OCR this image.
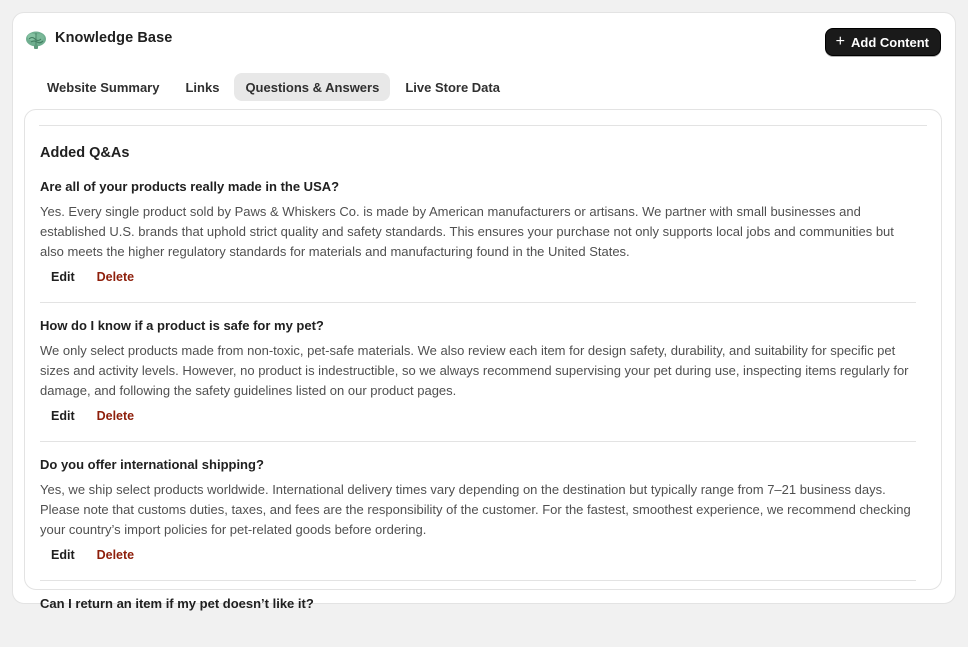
Knowledge Base	+ Add Content
Website Summary	Links	Questions & Answers	Live Store Data
Added Q&As
Are all of your products really made in the USA?
Yes. Every single product sold by Paws & Whiskers Co. is made by American manufacturers or artisans. We partner with small businesses and established U.S. brands that uphold strict quality and safety standards. This ensures your purchase not only supports local jobs and communities but also meets the higher regulatory standards for materials and manufacturing found in the United States.
Edit	Delete
How do I know if a product is safe for my pet?
We only select products made from non-toxic, pet-safe materials. We also review each item for design safety, durability, and suitability for specific pet sizes and activity levels. However, no product is indestructible, so we always recommend supervising your pet during use, inspecting items regularly for damage, and following the safety guidelines listed on our product pages.
Edit	Delete
Do you offer international shipping?
Yes, we ship select products worldwide. International delivery times vary depending on the destination but typically range from 7–21 business days. Please note that customs duties, taxes, and fees are the responsibility of the customer. For the fastest, smoothest experience, we recommend checking your country’s import policies for pet-related goods before ordering.
Edit	Delete
Can I return an item if my pet doesn’t like it?
